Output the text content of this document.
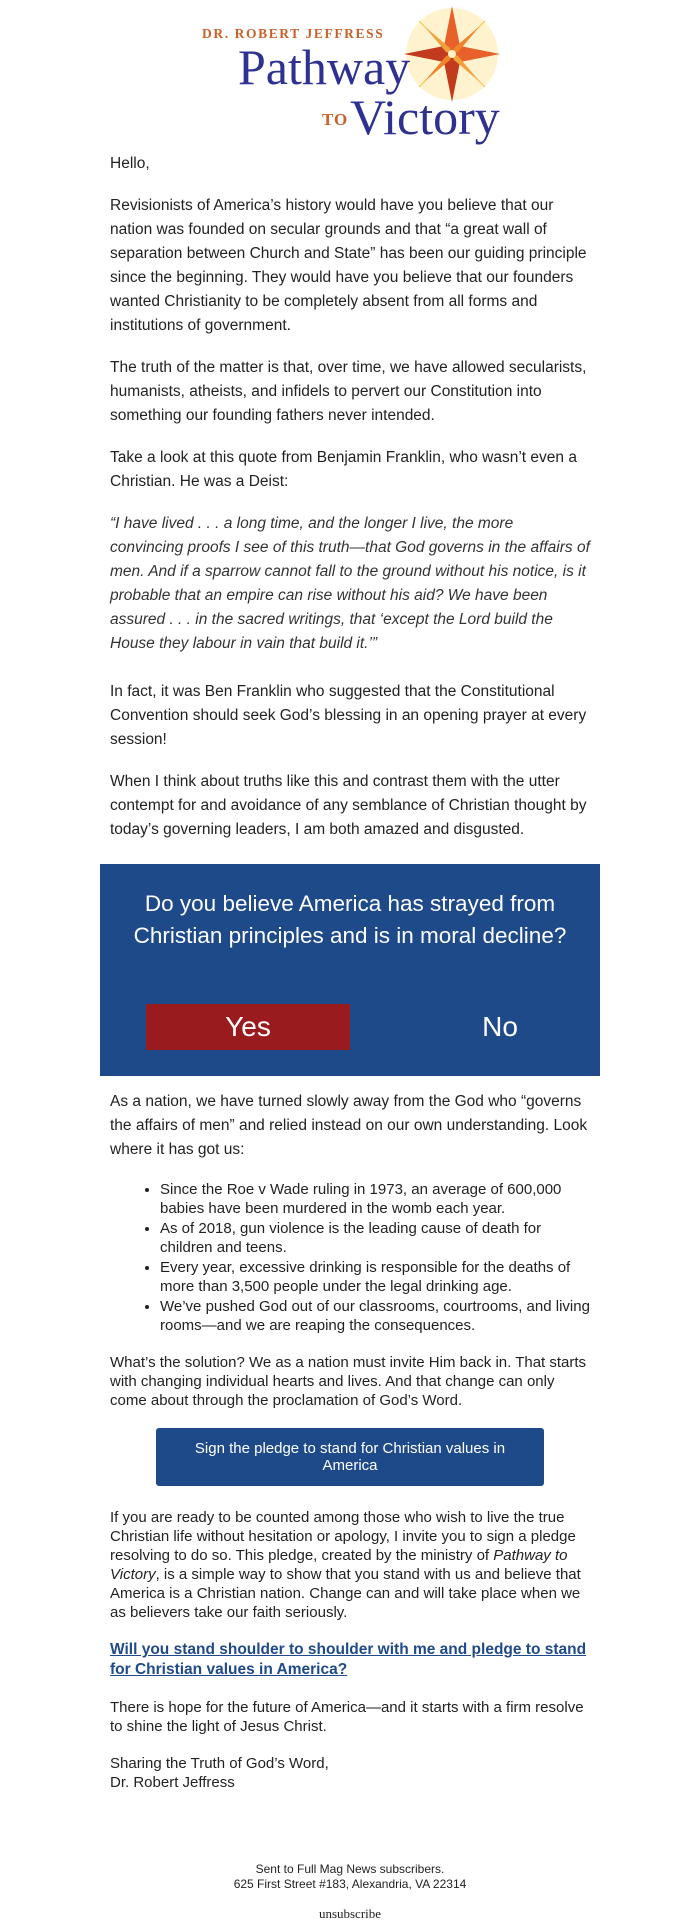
DR. ROBERT JEFFRESS
Pathway
TO Victory

Hello,

Revisionists of America’s history would have you believe that our nation was founded on secular grounds and that “a great wall of separation between Church and State” has been our guiding principle since the beginning. They would have you believe that our founders wanted Christianity to be completely absent from all forms and institutions of government.

The truth of the matter is that, over time, we have allowed secularists, humanists, atheists, and infidels to pervert our Constitution into something our founding fathers never intended.

Take a look at this quote from Benjamin Franklin, who wasn’t even a Christian. He was a Deist:

“I have lived . . . a long time, and the longer I live, the more convincing proofs I see of this truth—that God governs in the affairs of men. And if a sparrow cannot fall to the ground without his notice, is it probable that an empire can rise without his aid? We have been assured . . . in the sacred writings, that ‘except the Lord build the House they labour in vain that build it.’”

In fact, it was Ben Franklin who suggested that the Constitutional Convention should seek God’s blessing in an opening prayer at every session!

When I think about truths like this and contrast them with the utter contempt for and avoidance of any semblance of Christian thought by today’s governing leaders, I am both amazed and disgusted.

Do you believe America has strayed from Christian principles and is in moral decline?
Yes	No

As a nation, we have turned slowly away from the God who “governs the affairs of men” and relied instead on our own understanding. Look where it has got us:

• Since the Roe v Wade ruling in 1973, an average of 600,000 babies have been murdered in the womb each year.
• As of 2018, gun violence is the leading cause of death for children and teens.
• Every year, excessive drinking is responsible for the deaths of more than 3,500 people under the legal drinking age.
• We’ve pushed God out of our classrooms, courtrooms, and living rooms—and we are reaping the consequences.

What’s the solution? We as a nation must invite Him back in. That starts with changing individual hearts and lives. And that change can only come about through the proclamation of God’s Word.

Sign the pledge to stand for Christian values in America

If you are ready to be counted among those who wish to live the true Christian life without hesitation or apology, I invite you to sign a pledge resolving to do so. This pledge, created by the ministry of Pathway to Victory, is a simple way to show that you stand with us and believe that America is a Christian nation. Change can and will take place when we as believers take our faith seriously.

Will you stand shoulder to shoulder with me and pledge to stand for Christian values in America?

There is hope for the future of America—and it starts with a firm resolve to shine the light of Jesus Christ.

Sharing the Truth of God’s Word,
Dr. Robert Jeffress

Sent to Full Mag News subscribers.
625 First Street #183, Alexandria, VA 22314
unsubscribe
